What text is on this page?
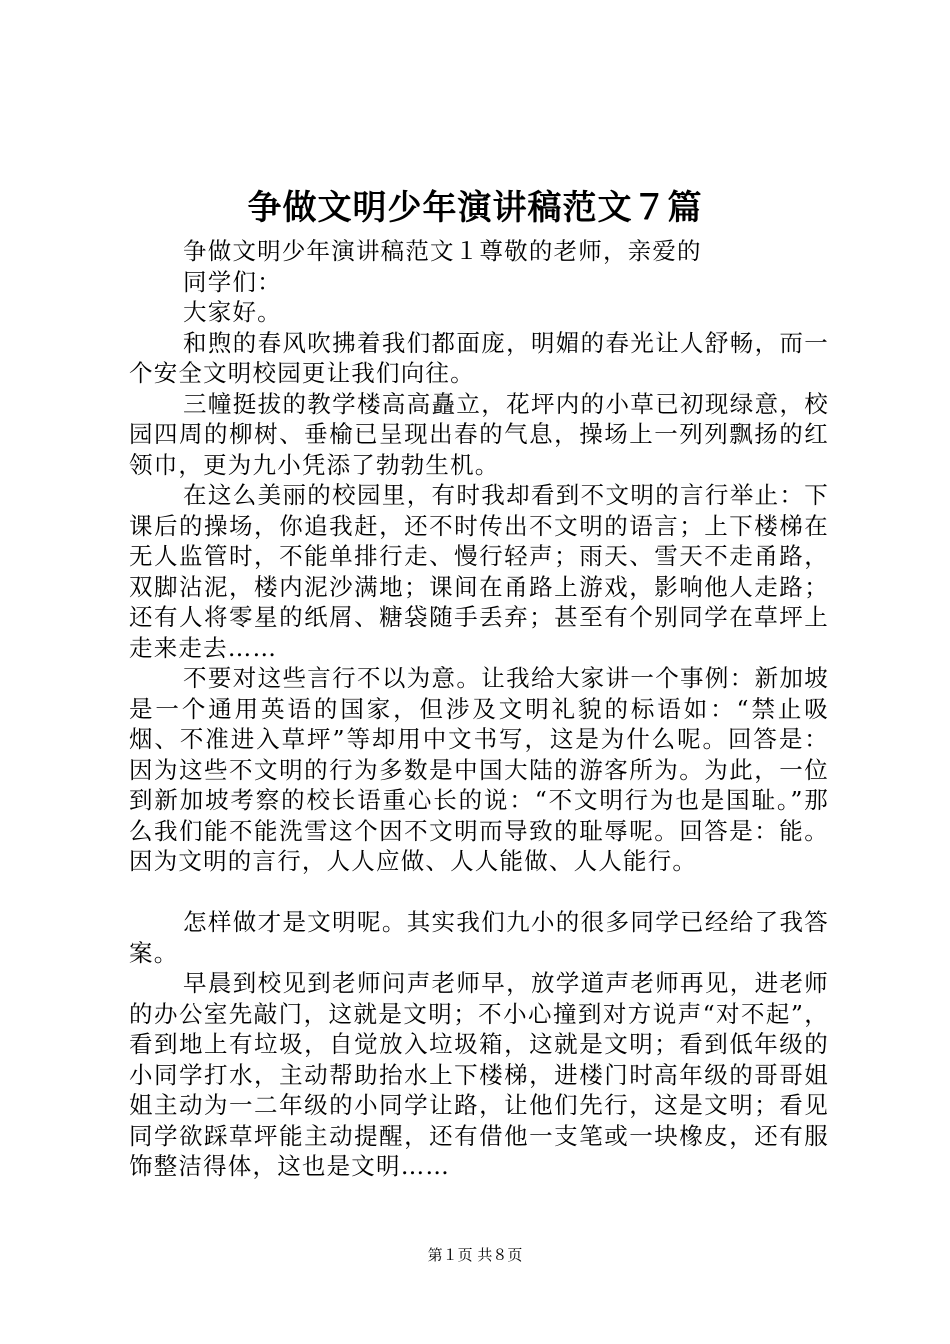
争做文明少年演讲稿范文７篇

争做文明少年演讲稿范文１尊敬的老师，亲爱的

同学们：

大家好。

和煦的春风吹拂着我们都面庞，明媚的春光让人舒畅，而一个安全文明校园更让我们向往。

三幢挺拔的教学楼高高矗立，花坪内的小草已初现绿意，校园四周的柳树、垂榆已呈现出春的气息，操场上一列列飘扬的红领巾，更为九小凭添了勃勃生机。

在这么美丽的校园里，有时我却看到不文明的言行举止：下课后的操场，你追我赶，还不时传出不文明的语言；上下楼梯在无人监管时，不能单排行走、慢行轻声；雨天、雪天不走甬路，双脚沾泥，楼内泥沙满地；课间在甬路上游戏，影响他人走路；还有人将零星的纸屑、糖袋随手丢弃；甚至有个别同学在草坪上走来走去……

不要对这些言行不以为意。让我给大家讲一个事例：新加坡是一个通用英语的国家，但涉及文明礼貌的标语如：“禁止吸烟、不准进入草坪”等却用中文书写，这是为什么呢。回答是：因为这些不文明的行为多数是中国大陆的游客所为。为此，一位到新加坡考察的校长语重心长的说：“不文明行为也是国耻。”那么我们能不能洗雪这个因不文明而导致的耻辱呢。回答是：能。因为文明的言行，人人应做、人人能做、人人能行。

怎样做才是文明呢。其实我们九小的很多同学已经给了我答案。

早晨到校见到老师问声老师早，放学道声老师再见，进老师的办公室先敲门，这就是文明；不小心撞到对方说声“对不起”，看到地上有垃圾，自觉放入垃圾箱，这就是文明；看到低年级的小同学打水，主动帮助抬水上下楼梯，进楼门时高年级的哥哥姐姐主动为一二年级的小同学让路，让他们先行，这是文明；看见同学欲踩草坪能主动提醒，还有借他一支笔或一块橡皮，还有服饰整洁得体，这也是文明……

第１页 共８页
